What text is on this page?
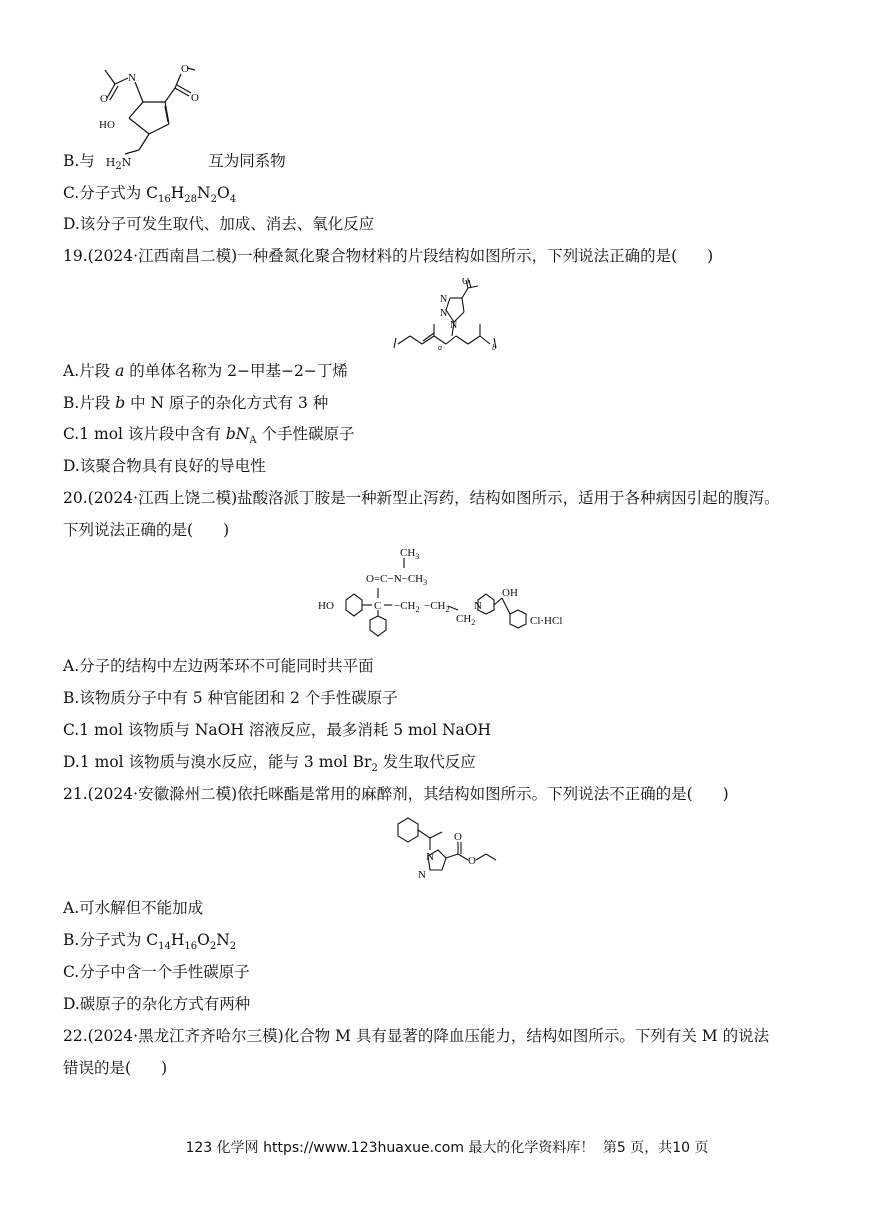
N
HO
O
O
O
B.与 $H_2N$	互为同系物
C.分子式为 $C_{16}H_{28}N_2O_4$
D.该分子可发生取代、加成、消去、氧化反应
19.(2024·江西南昌二模)一种叠氮化聚合物材料的片段结构如图所示，下列说法正确的是( )
N
N
N
O
a	b
A.片段 a 的单体名称为 2−甲基−2−丁烯
B.片段 b 中 N 原子的杂化方式有 3 种
C.1 mol 该片段中含有 $bN_A$ 个手性碳原子
D.该聚合物具有良好的导电性
20.(2024·江西上饶二模)盐酸洛派丁胺是一种新型止泻药，结构如图所示，适用于各种病因引起的腹泻。
下列说法正确的是( )
$CH_3$
$O=C-N-CH_3$
HO	$C -CH_2 -CH_2$
$CH_2$
N
OH
Cl·HCl
A.分子的结构中左边两苯环不可能同时共平面
B.该物质分子中有 5 种官能团和 2 个手性碳原子
C.1 mol 该物质与 NaOH 溶液反应，最多消耗 5 mol NaOH
D.1 mol 该物质与溴水反应，能与 3 mol $Br_2$ 发生取代反应
21.(2024·安徽滁州二模)依托咪酯是常用的麻醉剂，其结构如图所示。下列说法不正确的是( )
N
N
O
O
A.可水解但不能加成
B.分子式为 $C_{14}H_{16}O_2N_2$
C.分子中含一个手性碳原子
D.碳原子的杂化方式有两种
22.(2024·黑龙江齐齐哈尔三模)化合物 M 具有显著的降血压能力，结构如图所示。下列有关 M 的说法
错误的是( )
123 化学网 https://www.123huaxue.com 最大的化学资料库！ 第5 页，共10 页
